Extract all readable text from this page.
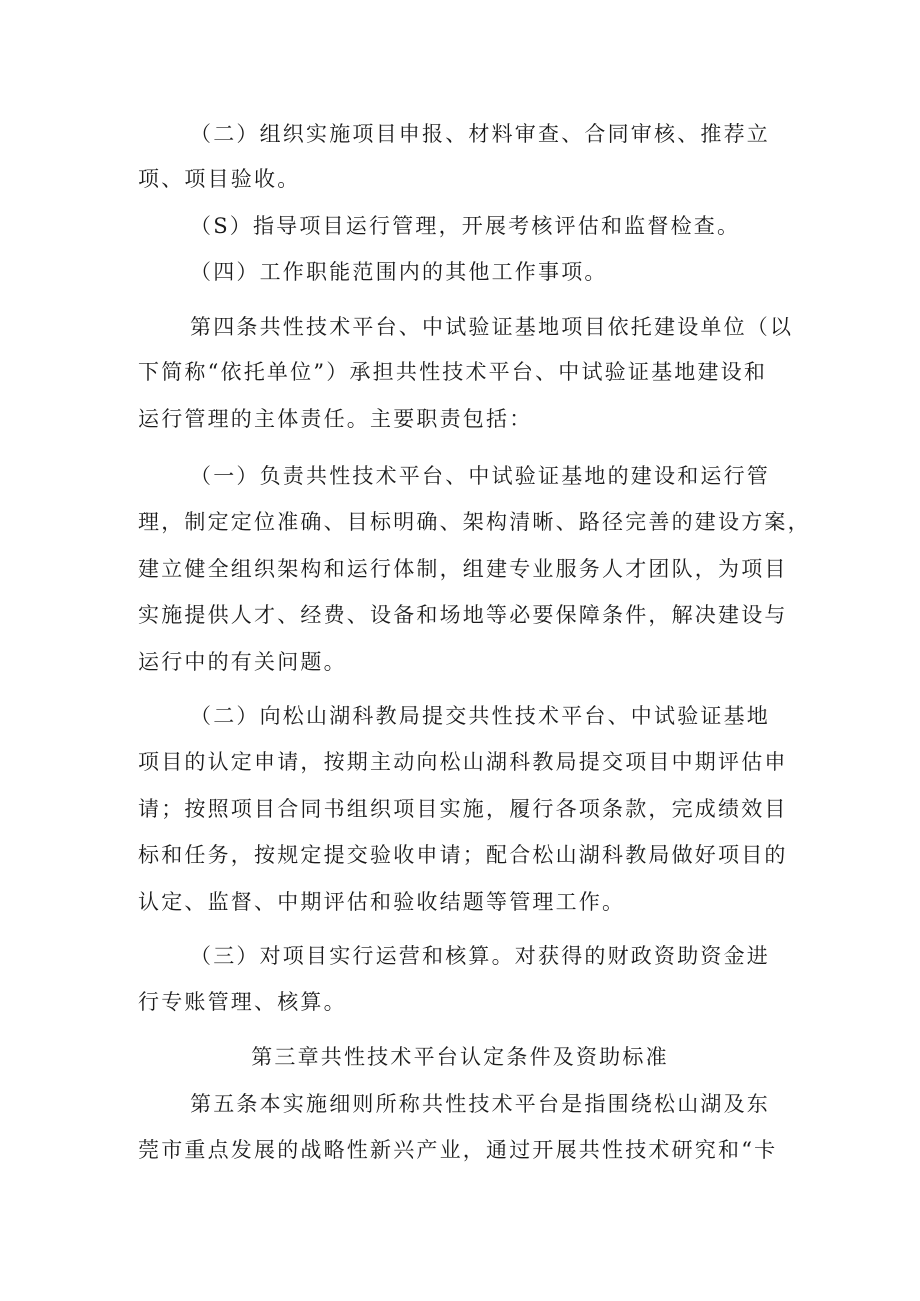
（二）组织实施项目申报、材料审查、合同审核、推荐立
项、项目验收。
（S）指导项目运行管理，开展考核评估和监督检查。
（四）工作职能范围内的其他工作事项。
第四条共性技术平台、中试验证基地项目依托建设单位（以
下简称“依托单位”）承担共性技术平台、中试验证基地建设和
运行管理的主体责任。主要职责包括：
（一）负责共性技术平台、中试验证基地的建设和运行管
理，制定定位准确、目标明确、架构清晰、路径完善的建设方案，
建立健全组织架构和运行体制，组建专业服务人才团队，为项目
实施提供人才、经费、设备和场地等必要保障条件，解决建设与
运行中的有关问题。
（二）向松山湖科教局提交共性技术平台、中试验证基地
项目的认定申请，按期主动向松山湖科教局提交项目中期评估申
请；按照项目合同书组织项目实施，履行各项条款，完成绩效目
标和任务，按规定提交验收申请；配合松山湖科教局做好项目的
认定、监督、中期评估和验收结题等管理工作。
（三）对项目实行运营和核算。对获得的财政资助资金进
行专账管理、核算。
第三章共性技术平台认定条件及资助标准
第五条本实施细则所称共性技术平台是指围绕松山湖及东
莞市重点发展的战略性新兴产业，通过开展共性技术研究和“卡
